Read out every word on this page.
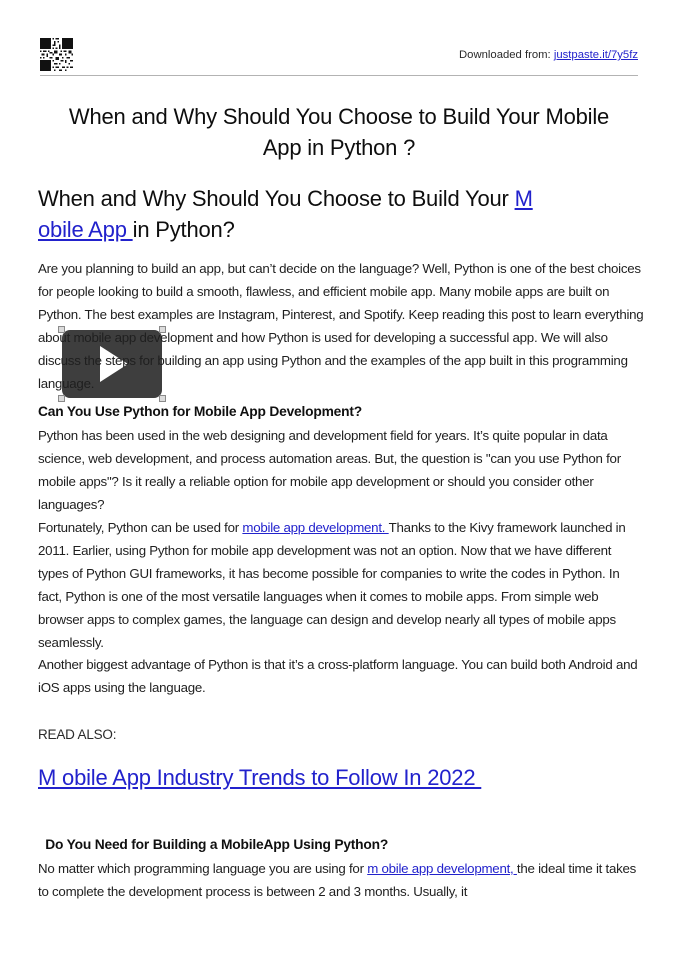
Downloaded from: justpaste.it/7y5fz
When and Why Should You Choose to Build Your Mobile App in Python ?
When and Why Should You Choose to Build Your M obile App in Python?
Are you planning to build an app, but can’t decide on the language? Well, Python is one of the best choices for people looking to build a smooth, flawless, and efficient mobile app. Many mobile apps are built on Python. The best examples are Instagram, Pinterest, and Spotify. Keep reading this post to learn everything about mobile app development and how Python is used for developing a successful app. We will also discuss the steps for building an app using Python and the examples of the app built in this programming language.
Can You Use Python for Mobile App Development?
Python has been used in the web designing and development field for years. It’s quite popular in data science, web development, and process automation areas. But, the question is "can you use Python for mobile apps"? Is it really a reliable option for mobile app development or should you consider other languages?
Fortunately, Python can be used for mobile app development. Thanks to the Kivy framework launched in 2011. Earlier, using Python for mobile app development was not an option. Now that we have different types of Python GUI frameworks, it has become possible for companies to write the codes in Python. In fact, Python is one of the most versatile languages when it comes to mobile apps. From simple web browser apps to complex games, the language can design and develop nearly all types of mobile apps seamlessly.
Another biggest advantage of Python is that it’s a cross-platform language. You can build both Android and iOS apps using the language.
READ ALSO:
M obile App Industry Trends to Follow In 2022
Do You Need for Building a MobileApp Using Python?
No matter which programming language you are using for m obile app development, the ideal time it takes to complete the development process is between 2 and 3 months. Usually, it
